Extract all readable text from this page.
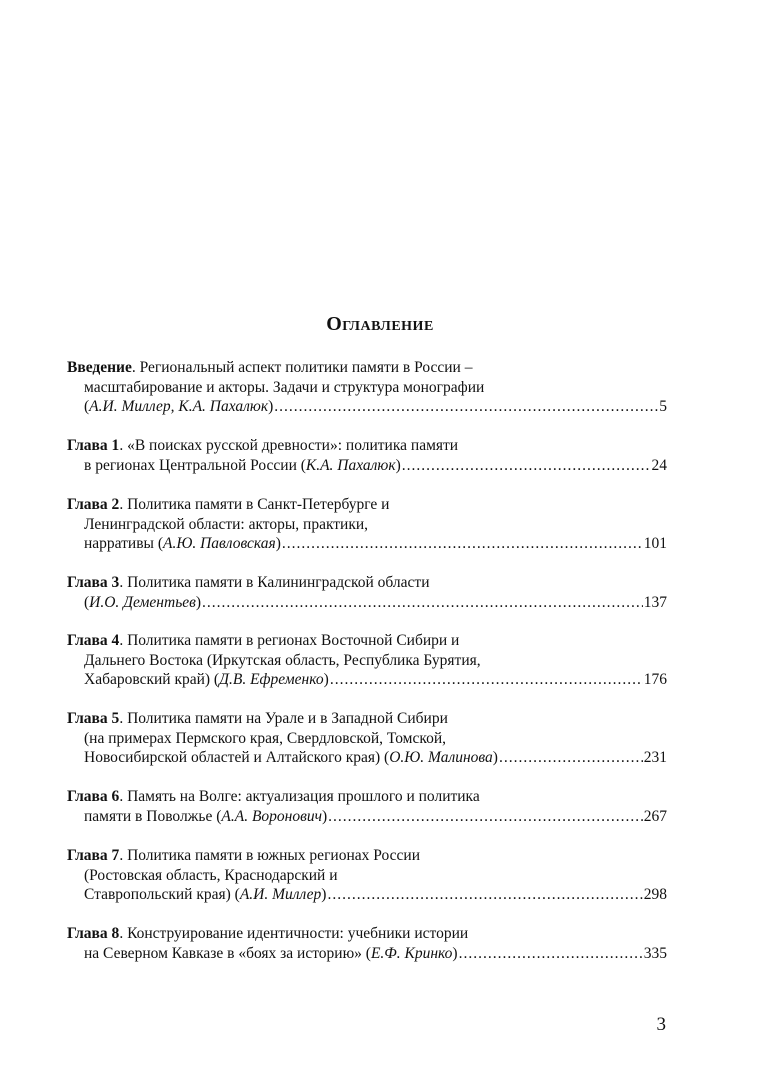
Оглавление
Введение. Региональный аспект политики памяти в России –
масштабирование и акторы. Задачи и структура монографии
(А.И. Миллер, К.А. Пахалюк) .....	5
Глава 1. «В поисках русской древности»: политика памяти
в регионах Центральной России (К.А. Пахалюк) .....	24
Глава 2. Политика памяти в Санкт-Петербурге и
Ленинградской области: акторы, практики,
нарративы (А.Ю. Павловская) .....	101
Глава 3. Политика памяти в Калининградской области
(И.О. Дементьев) .....	137
Глава 4. Политика памяти в регионах Восточной Сибири и
Дальнего Востока (Иркутская область, Республика Бурятия,
Хабаровский край) (Д.В. Ефременко) .....	176
Глава 5. Политика памяти на Урале и в Западной Сибири
(на примерах Пермского края, Свердловской, Томской,
Новосибирской областей и Алтайского края) (О.Ю. Малинова) .....	231
Глава 6. Память на Волге: актуализация прошлого и политика
памяти в Поволжье (А.А. Воронович) .....	267
Глава 7. Политика памяти в южных регионах России
(Ростовская область, Краснодарский и
Ставропольский края) (А.И. Миллер) .....	298
Глава 8. Конструирование идентичности: учебники истории
на Северном Кавказе в «боях за историю» (Е.Ф. Кринко) .....	335
3
